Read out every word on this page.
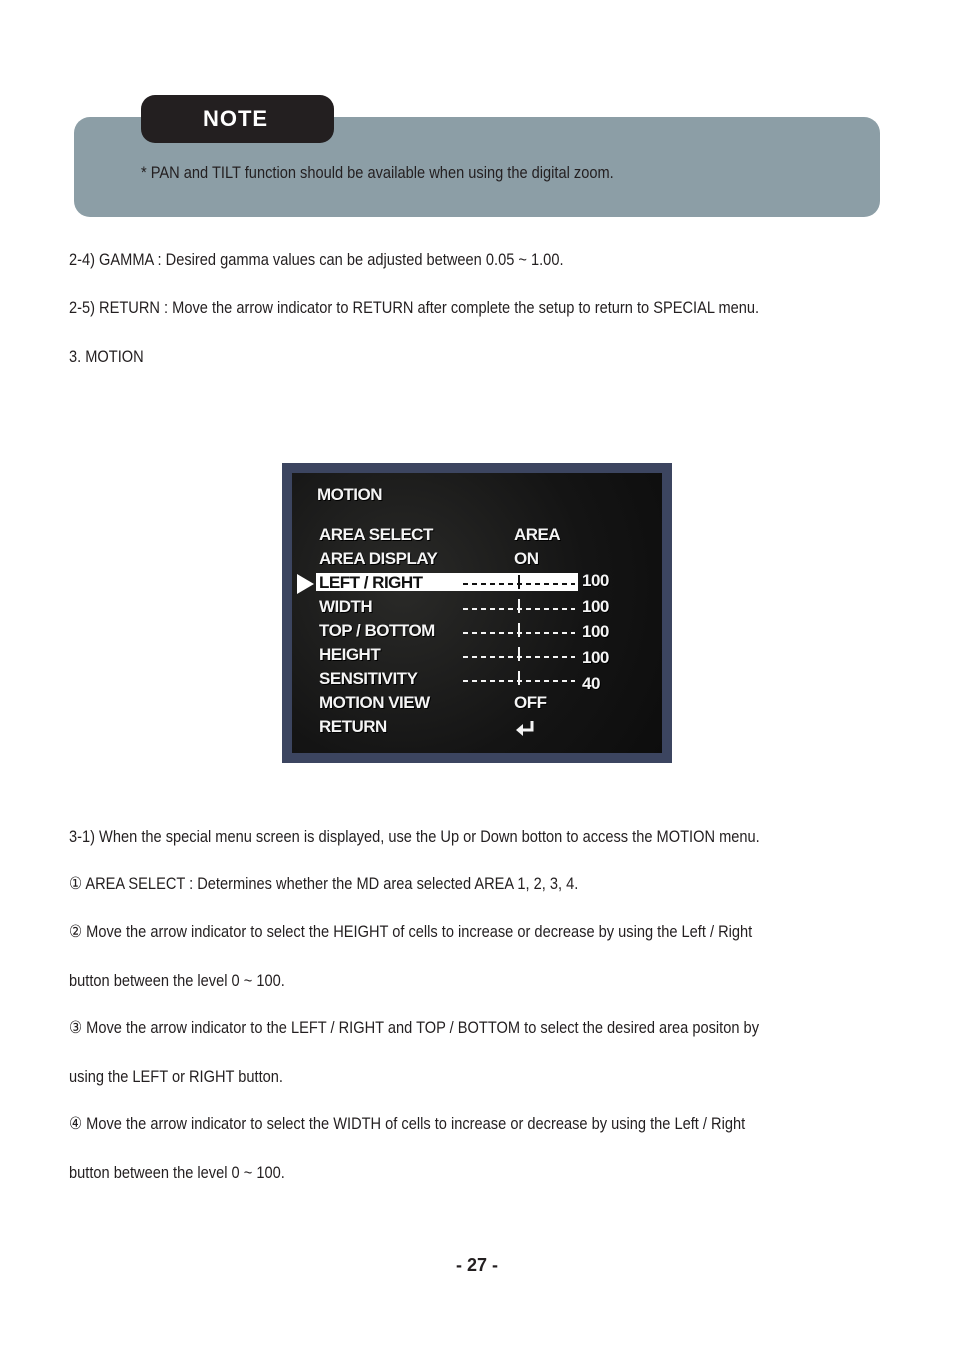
NOTE
* PAN and TILT function should be available when using the digital zoom.
2-4) GAMMA : Desired gamma values can be adjusted between 0.05 ~ 1.00.
2-5) RETURN : Move the arrow indicator to RETURN after complete the setup to return to SPECIAL menu.
3. MOTION
MOTION
AREA SELECT	AREA
AREA DISPLAY	ON
LEFT / RIGHT	100
WIDTH	100
TOP / BOTTOM	100
HEIGHT	100
SENSITIVITY	40
MOTION VIEW	OFF
RETURN
3-1) When the special menu screen is displayed, use the Up or Down botton to access the MOTION menu.
① AREA SELECT : Determines whether the MD area selected AREA 1, 2, 3, 4.
② Move the arrow indicator to select the HEIGHT of cells to increase or decrease by using the Left / Right
button between the level 0 ~ 100.
③ Move the arrow indicator to the LEFT / RIGHT and TOP / BOTTOM to select the desired area positon by
using the LEFT or RIGHT button.
④ Move the arrow indicator to select the WIDTH of cells to increase or decrease by using the Left / Right
button between the level 0 ~ 100.
- 27 -
